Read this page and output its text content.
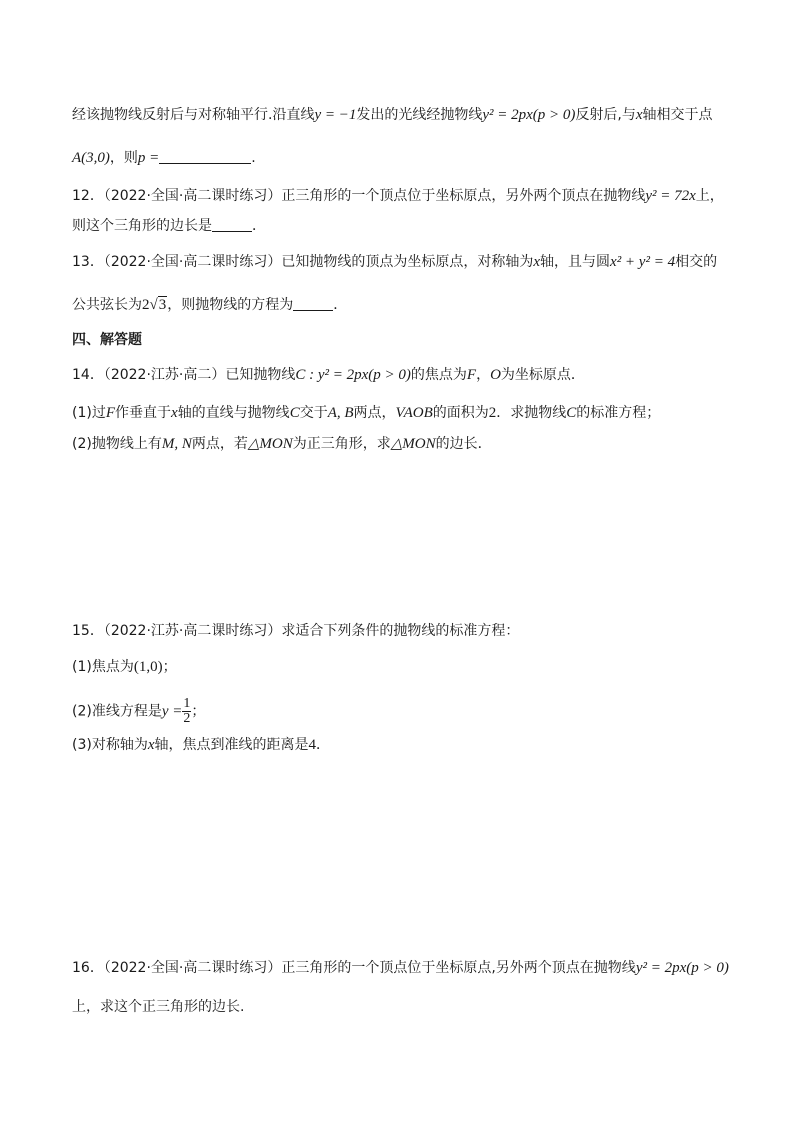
经该抛物线反射后与对称轴平行.沿直线y = −1发出的光线经抛物线y² = 2px(p > 0)反射后,与x轴相交于点
A(3,0)，则p =	.
12．（2022·全国·高二课时练习）正三角形的一个顶点位于坐标原点，另外两个顶点在抛物线y² = 72x上，
则这个三角形的边长是	．
13．（2022·全国·高二课时练习）已知抛物线的顶点为坐标原点，对称轴为x轴，且与圆x² + y² = 4相交的
公共弦长为2√3，则抛物线的方程为	．
四、解答题
14．（2022·江苏·高二）已知抛物线C : y² = 2px(p > 0)的焦点为F，O为坐标原点．
(1)过F作垂直于x轴的直线与抛物线C交于A, B两点，VAOB的面积为2．求抛物线C的标准方程；
(2)抛物线上有M, N两点，若△MON为正三角形，求△MON的边长．
15．（2022·江苏·高二课时练习）求适合下列条件的抛物线的标准方程：
(1)焦点为(1,0)；
(2)准线方程是$y = \frac{1}{2}$ ；
(3)对称轴为x轴，焦点到准线的距离是4．
16．（2022·全国·高二课时练习）正三角形的一个顶点位于坐标原点,另外两个顶点在抛物线y² = 2px(p > 0)
上，求这个正三角形的边长.
